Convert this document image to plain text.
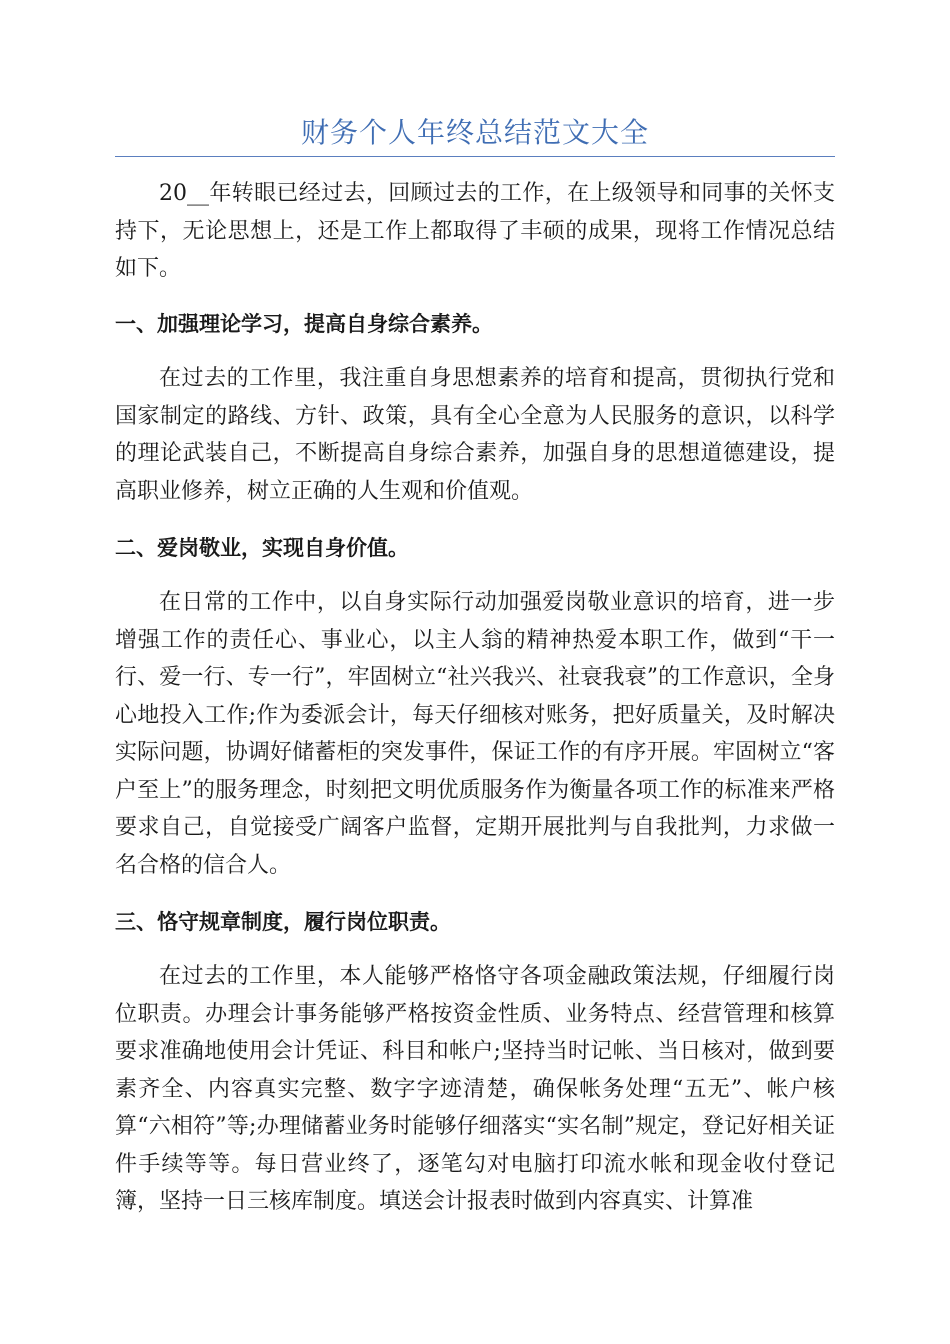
财务个人年终总结范文大全

20__年转眼已经过去，回顾过去的工作，在上级领导和同事的关怀支持下，无论思想上，还是工作上都取得了丰硕的成果，现将工作情况总结如下。

一、加强理论学习，提高自身综合素养。

在过去的工作里，我注重自身思想素养的培育和提高，贯彻执行党和国家制定的路线、方针、政策，具有全心全意为人民服务的意识，以科学的理论武装自己，不断提高自身综合素养，加强自身的思想道德建设，提高职业修养，树立正确的人生观和价值观。

二、爱岗敬业，实现自身价值。

在日常的工作中，以自身实际行动加强爱岗敬业意识的培育，进一步增强工作的责任心、事业心，以主人翁的精神热爱本职工作，做到“干一行、爱一行、专一行”，牢固树立“社兴我兴、社衰我衰”的工作意识，全身心地投入工作;作为委派会计，每天仔细核对账务，把好质量关，及时解决实际问题，协调好储蓄柜的突发事件，保证工作的有序开展。牢固树立“客户至上”的服务理念，时刻把文明优质服务作为衡量各项工作的标准来严格要求自己，自觉接受广阔客户监督，定期开展批判与自我批判，力求做一名合格的信合人。

三、恪守规章制度，履行岗位职责。

在过去的工作里，本人能够严格恪守各项金融政策法规，仔细履行岗位职责。办理会计事务能够严格按资金性质、业务特点、经营管理和核算要求准确地使用会计凭证、科目和帐户;坚持当时记帐、当日核对，做到要素齐全、内容真实完整、数字字迹清楚，确保帐务处理“五无”、帐户核算“六相符”等;办理储蓄业务时能够仔细落实“实名制”规定，登记好相关证件手续等等。每日营业终了，逐笔勾对电脑打印流水帐和现金收付登记簿，坚持一日三核库制度。填送会计报表时做到内容真实、计算准
